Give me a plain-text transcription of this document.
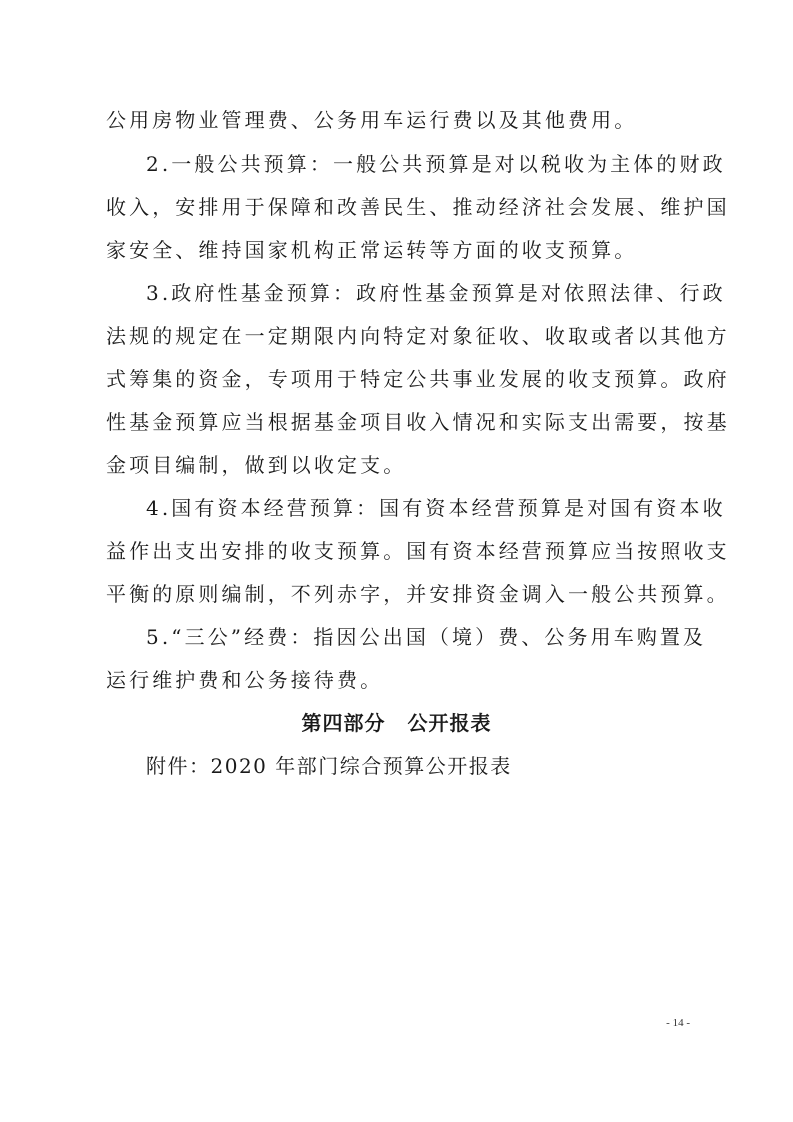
公用房物业管理费、公务用车运行费以及其他费用。
2.一般公共预算：一般公共预算是对以税收为主体的财政
收入，安排用于保障和改善民生、推动经济社会发展、维护国
家安全、维持国家机构正常运转等方面的收支预算。
3.政府性基金预算：政府性基金预算是对依照法律、行政
法规的规定在一定期限内向特定对象征收、收取或者以其他方
式筹集的资金，专项用于特定公共事业发展的收支预算。政府
性基金预算应当根据基金项目收入情况和实际支出需要，按基
金项目编制，做到以收定支。
4.国有资本经营预算：国有资本经营预算是对国有资本收
益作出支出安排的收支预算。国有资本经营预算应当按照收支
平衡的原则编制，不列赤字，并安排资金调入一般公共预算。
5.“三公”经费：指因公出国（境）费、公务用车购置及
运行维护费和公务接待费。
第四部分 公开报表
附件：2020 年部门综合预算公开报表
- 14 -
